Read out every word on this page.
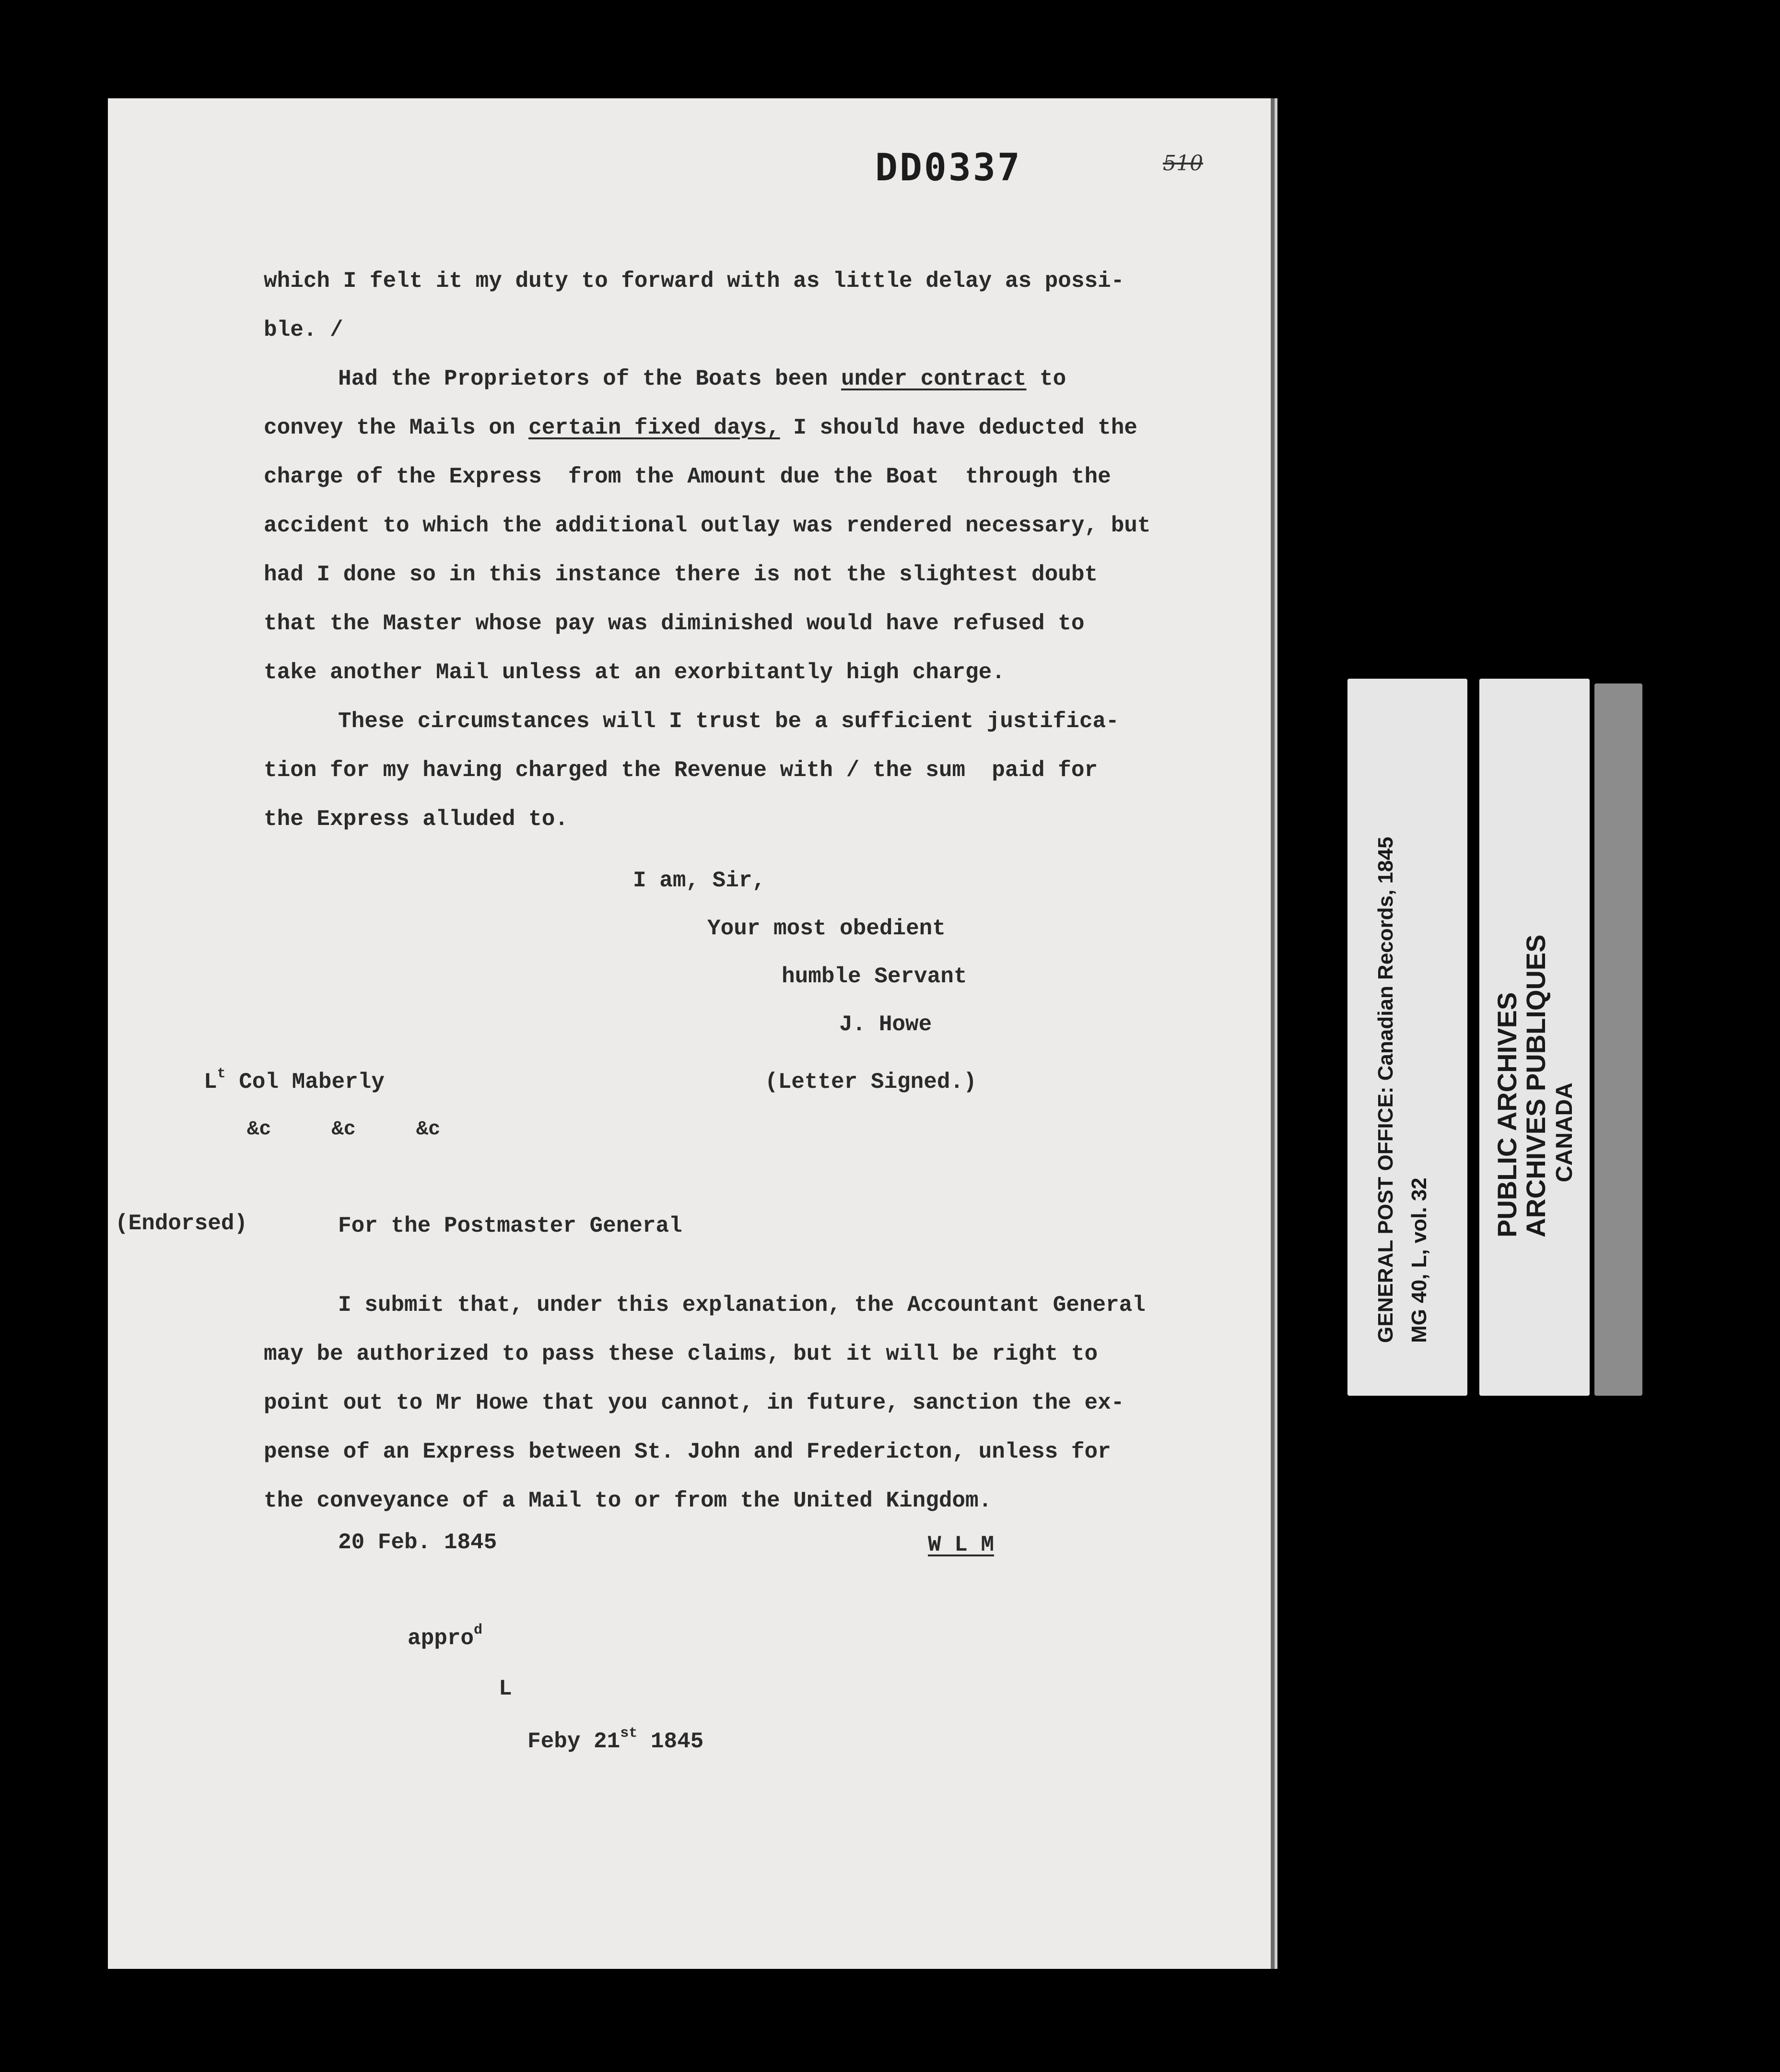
DD0337	510
which I felt it my duty to forward with as little delay as possi-
ble. /
Had the Proprietors of the Boats been under contract to
convey the Mails on certain fixed days, I should have deducted the
charge of the Express  from the Amount due the Boat  through the
accident to which the additional outlay was rendered necessary, but
had I done so in this instance there is not the slightest doubt
that the Master whose pay was diminished would have refused to
take another Mail unless at an exorbitantly high charge.
These circumstances will I trust be a sufficient justifica-
tion for my having charged the Revenue with / the sum  paid for
the Express alluded to.
I am, Sir,
Your most obedient
humble Servant
J. Howe
$L^t$ Col Maberly	(Letter Signed.)
&c     &c     &c
(Endorsed)	For the Postmaster General
I submit that, under this explanation, the Accountant General
may be authorized to pass these claims, but it will be right to
point out to Mr Howe that you cannot, in future, sanction the ex-
pense of an Express between St. John and Fredericton, unless for
the conveyance of a Mail to or from the United Kingdom.
20 Feb. 1845	W L M
appro$^d$
L
Feby 21st 1845
GENERAL POST OFFICE: Canadian Records, 1845 MG 40, L, vol. 32
PUBLIC ARCHIVES
ARCHIVES PUBLIQUES CANADA
